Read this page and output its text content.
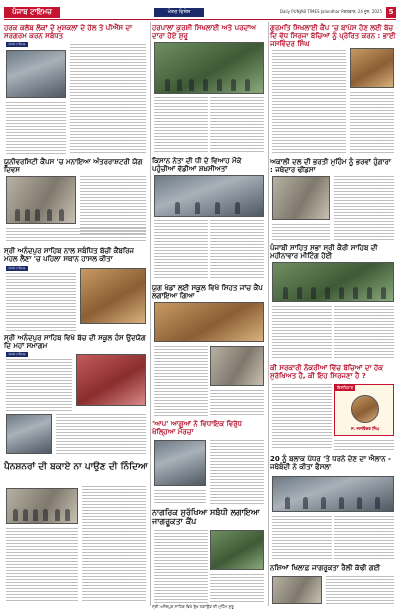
ਪੰਜਾਬ ਟਾਇਮਜ਼	ਖੇਤਰ ਵਿਸ਼ੇਸ਼	Daily PUNJAB TIMES Jalandhar ਮੰਗਲਵਾਰ, 24 ਜੂਨ, 2025 5
ਹਰਕ ਕਲੱਬ ਲੋਕਾਂ ਦੇ ਮੁਸ਼ਕਲਾਂ ਦੇ ਹੱਲ ਤੇ ਪੀਐੱਸ ਦਾ ਸਰਗਰਮ ਕਰਨ ਸਬੰਧਤ
ਪੰਜਾਬ ਟਾਇਮਜ਼
ਯੂਨੀਵਰਸਿਟੀ ਕੈਂਪਸ 'ਚ ਮਨਾਇਆ ਅੰਤਰਰਾਸ਼ਟਰੀ ਯੋਗ ਦਿਵਸ
ਸ੍ਰੀ ਅਨੰਦਪੁਰ ਸਾਹਿਬ ਨਾਲ ਸਬੰਧਿਤ ਬੱਚੀ ਕੈਂਬਰਿਜ ਮਹਲ ਲੈਣਾ 'ਚ ਪਹਿਲਾ ਸਥਾਨ ਹਾਸਲ ਕੀਤਾ
ਪੰਜਾਬ ਟਾਇਮਜ਼
ਸ੍ਰੀ ਅਨੰਦਪੁਰ ਸਾਹਿਬ ਵਿਖੇ ਬੱਚ ਦੀ ਸਕੂਲ ਹੰਸ ਉਦਯੋਗ ਦਿ ਮਹਾਂ ਸਮਾਗਮ
ਪੰਜਾਬ ਟਾਇਮਜ਼
ਪੈਨਸ਼ਨਰਾਂ ਦੀ ਬਕਾਏ ਨਾ ਪਾਉਣ ਦੀ ਨਿੰਦਿਆ
ਹਰਪਾਲਾਂ ਕੁਰਸ਼ੀ ਸਿਖਲਾਈ ਅਤੇ ਪਰਦਾਂਅ ਦਾਰਾ ਹੋਏ ਸ਼ੁਰੂ
ਕਿਸਾਨ ਨੇਤਾ ਦੀ ਧੀ ਦੇ ਵਿਆਹ ਮੌਕੇ ਪਹੁੰਚੀਆਂ ਵੱਡੀਆਂ ਸ਼ਖ਼ਸੀਅਤਾਂ
ਯੁਗ ਖੇਡਾਂ ਲਈ ਸਕੂਲ ਵਿਖੇ ਸਿਹਤ ਜਾਂਚ ਕੈਂਪ ਲਗਾਇਆ ਗਿਆ
'ਆਪ' ਆਗੂਆਂ ਨੇ ਵਿਧਾਇਕ ਵਿਰੁੱਧ ਖੋਲ੍ਹਿਆ ਮੋਰਚਾ
ਨਾਗਰਿਕ ਸੁਰੱਖਿਆ ਸਬੰਧੀ ਲਗਾਇਆ ਜਾਗਰੂਕਤਾ ਕੈਂਪ
ਗੁਰਮਤਿ ਸਿਖਲਾਈ ਕੈਂਪ 'ਚ ਬਾਪੇਸ ਹੋਣ ਲਈ ਬੱਚ ਦਿ ਵੱਧ ਸਿਰਜਾ ਬੱਚਿਆਂ ਨੂੰ ਪ੍ਰੇਰਿਤ ਕਰਨ : ਭਾਈ ਜਸਵਿੰਦਰ ਸਿੰਘ
ਅਕਾਲੀ ਦਲ ਦੀ ਭਰਤੀ ਮੁਹਿੰਮ ਨੂੰ ਭਰਵਾਂ ਹੁੰਗਾਰਾ : ਜਥੇਦਾਰ ਢੀਂਡਸਾ
ਪੰਜਾਬੀ ਸਾਹਿਤ ਸਭਾ ਸ੍ਰੀ ਕੈਰੀ ਸਾਹਿਬ ਦੀ ਮਹੀਨਾਵਾਰ ਮੀਟਿੰਗ ਹੋਈ
ਕੀ ਸਰਕਾਰੀ ਨੌਕਰੀਆਂ ਵਿੱਚ ਬੱਚਿਆਂ ਦਾ ਹੱਕ ਸੁਰੱਖਿਅਤ ਹੈ, ਕੀ ਇਹ ਸਿਰਜਣਾ ਹੈ ?
ਇਸ਼ਤਿਹਾਰ
ਸ. ਜਸਵਿੰਦਰ ਸਿੰਘ
20 ਨੂੰ ਬਲਾਕ ਪੱਧਰ 'ਤੇ ਧਰਨੇ ਦੇਣ ਦਾ ਐਲਾਨ - ਜਥੇਬੰਦੀ ਨੇ ਕੀਤਾ ਫੈਸਲਾ
ਨਸ਼ਿਆਂ ਖਿਲਾਫ਼ ਜਾਗਰੂਕਤਾ ਰੈਲੀ ਕੱਢੀ ਗਈ
ਸ੍ਰੀ ਅਨੰਦਪੁਰ ਸਾਹਿਬ ਵਿਖੇ ਰੁੱਖ ਲਗਾਉਣ ਦੀ ਮੁਹਿੰਮ ਸ਼ੁਰੂ
